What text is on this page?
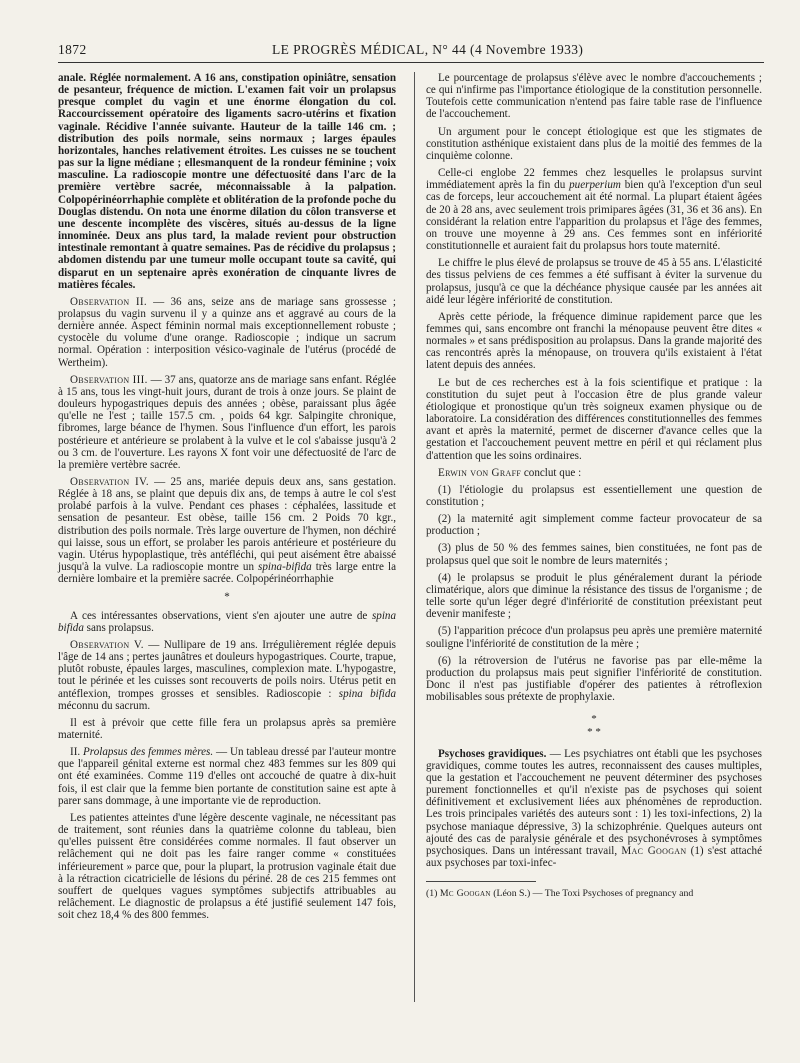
1872	LE PROGRÈS MÉDICAL, N° 44 (4 Novembre 1933)

anale. Réglée normalement. A 16 ans, constipation opiniâtre, sensation de pesanteur, fréquence de miction. L'examen fait voir un prolapsus presque complet du vagin et une énorme élongation du col. Raccourcissement opératoire des ligaments sacro-utérins et fixation vaginale. Récidive l'année suivante. Hauteur de la taille 146 cm. ; distribution des poils normale, seins normaux ; larges épaules horizontales, hanches relativement étroites. Les cuisses ne se touchent pas sur la ligne médiane ; ellesmanquent de la rondeur féminine ; voix masculine. La radioscopie montre une défectuosité dans l'arc de la première vertèbre sacrée, méconnaissable à la palpation. Colpopérinéorrhaphie complète et oblitération de la profonde poche du Douglas distendu. On nota une énorme dilation du côlon transverse et une descente incomplète des viscères, situés au-dessus de la ligne innominée. Deux ans plus tard, la malade revient pour obstruction intestinale remontant à quatre semaines. Pas de récidive du prolapsus ; abdomen distendu par une tumeur molle occupant toute sa cavité, qui disparut en un septenaire après exonération de cinquante livres de matières fécales.

Observation II. — 36 ans, seize ans de mariage sans grossesse ; prolapsus du vagin survenu il y a quinze ans et aggravé au cours de la dernière année. Aspect féminin normal mais exceptionnellement robuste ; cystocèle du volume d'une orange. Radioscopie ; indique un sacrum normal. Opération : interposition vésico-vaginale de l'utérus (procédé de Wertheim).

Observation III. — 37 ans, quatorze ans de mariage sans enfant. Réglée à 15 ans, tous les vingt-huit jours, durant de trois à onze jours. Se plaint de douleurs hypogastriques depuis des années ; obèse, paraissant plus âgée qu'elle ne l'est ; taille 157.5 cm. , poids 64 kgr. Salpingite chronique, fibromes, large béance de l'hymen. Sous l'influence d'un effort, les parois postérieure et antérieure se prolabent à la vulve et le col s'abaisse jusqu'à 2 ou 3 cm. de l'ouverture. Les rayons X font voir une défectuosité de l'arc de la première vertèbre sacrée.

Observation IV. — 25 ans, mariée depuis deux ans, sans gestation. Réglée à 18 ans, se plaint que depuis dix ans, de temps à autre le col s'est prolabé parfois à la vulve. Pendant ces phases : céphalées, lassitude et sensation de pesanteur. Est obèse, taille 156 cm. 2 Poids 70 kgr., distribution des poils normale. Très large ouverture de l'hymen, non déchiré qui laisse, sous un effort, se prolaber les parois antérieure et postérieure du vagin. Utérus hypoplastique, très antéfléchi, qui peut aisément être abaissé jusqu'à la vulve. La radioscopie montre un spina-bifida très large entre la dernière lombaire et la première sacrée. Colpopérinéorrhaphie

*

A ces intéressantes observations, vient s'en ajouter une autre de spina bifida sans prolapsus.

Observation V. — Nullipare de 19 ans. Irrégulièrement réglée depuis l'âge de 14 ans ; pertes jaunâtres et douleurs hypogastriques. Courte, trapue, plutôt robuste, épaules larges, masculines, complexion mate. L'hypogastre, tout le périnée et les cuisses sont recouverts de poils noirs. Utérus petit en antéflexion, trompes grosses et sensibles. Radioscopie : spina bifida méconnu du sacrum.

Il est à prévoir que cette fille fera un prolapsus après sa première maternité.

II. Prolapsus des femmes mères. — Un tableau dressé par l'auteur montre que l'appareil génital externe est normal chez 483 femmes sur les 809 qui ont été examinées. Comme 119 d'elles ont accouché de quatre à dix-huit fois, il est clair que la femme bien portante de constitution saine est apte à parer sans dommage, à une importante vie de reproduction.

Les patientes atteintes d'une légère descente vaginale, ne nécessitant pas de traitement, sont réunies dans la quatrième colonne du tableau, bien qu'elles puissent être considérées comme normales. Il faut observer un relâchement qui ne doit pas les faire ranger comme « constituées inférieurement » parce que, pour la plupart, la protrusion vaginale était due à la rétraction cicatricielle de lésions du périné. 28 de ces 215 femmes ont souffert de quelques vagues symptômes subjectifs attribuables au relâchement. Le diagnostic de prolapsus a été justifié seulement 147 fois, soit chez 18,4 % des 800 femmes.

Le pourcentage de prolapsus s'élève avec le nombre d'accouchements ; ce qui n'infirme pas l'importance étiologique de la constitution personnelle. Toutefois cette communication n'entend pas faire table rase de l'influence de l'accouchement.

Un argument pour le concept étiologique est que les stigmates de constitution asthénique existaient dans plus de la moitié des femmes de la cinquième colonne.

Celle-ci englobe 22 femmes chez lesquelles le prolapsus survint immédiatement après la fin du puerperium bien qu'à l'exception d'un seul cas de forceps, leur accouchement ait été normal. La plupart étaient âgées de 20 à 28 ans, avec seulement trois primipares âgées (31, 36 et 36 ans). En considérant la relation entre l'apparition du prolapsus et l'âge des femmes, on trouve une moyenne à 29 ans. Ces femmes sont en infériorité constitutionnelle et auraient fait du prolapsus hors toute maternité.

Le chiffre le plus élevé de prolapsus se trouve de 45 à 55 ans. L'élasticité des tissus pelviens de ces femmes a été suffisant à éviter la survenue du prolapsus, jusqu'à ce que la déchéance physique causée par les années ait aidé leur légère infériorité de constitution.

Après cette période, la fréquence diminue rapidement parce que les femmes qui, sans encombre ont franchi la ménopause peuvent être dites « normales » et sans prédisposition au prolapsus. Dans la grande majorité des cas rencontrés après la ménopause, on trouvera qu'ils existaient à l'état latent depuis des années.

Le but de ces recherches est à la fois scientifique et pratique : la constitution du sujet peut à l'occasion être de plus grande valeur étiologique et pronostique qu'un très soigneux examen physique ou de laboratoire. La considération des différences constitutionnelles des femmes avant et après la maternité, permet de discerner d'avance celles que la gestation et l'accouchement peuvent mettre en péril et qui réclament plus d'attention que les soins ordinaires.

Erwin von Graff conclut que :

(1) l'étiologie du prolapsus est essentiellement une question de constitution ;

(2) la maternité agit simplement comme facteur provocateur de sa production ;

(3) plus de 50 % des femmes saines, bien constituées, ne font pas de prolapsus quel que soit le nombre de leurs maternités ;

(4) le prolapsus se produit le plus généralement durant la période climatérique, alors que diminue la résistance des tissus de l'organisme ; de telle sorte qu'un léger degré d'infériorité de constitution préexistant peut devenir manifeste ;

(5) l'apparition précoce d'un prolapsus peu après une première maternité souligne l'infériorité de constitution de la mère ;

(6) la rétroversion de l'utérus ne favorise pas par elle-même la production du prolapsus mais peut signifier l'infériorité de constitution. Donc il n'est pas justifiable d'opérer des patientes à rétroflexion mobilisables sous prétexte de prophylaxie.

*
* *

Psychoses gravidiques. — Les psychiatres ont établi que les psychoses gravidiques, comme toutes les autres, reconnaissent des causes multiples, que la gestation et l'accouchement ne peuvent déterminer des psychoses purement fonctionnelles et qu'il n'existe pas de psychoses qui soient définitivement et exclusivement liées aux phénomènes de reproduction. Les trois principales variétés des auteurs sont : 1) les toxi-infections, 2) la psychose maniaque dépressive, 3) la schizophrénie. Quelques auteurs ont ajouté des cas de paralysie générale et des psychonévroses à symptômes psychosiques. Dans un intéressant travail, Mac Googan (1) s'est attaché aux psychoses par toxi-infec-

(1) Mc Googan (Léon S.) — The Toxi Psychoses of pregnancy and
